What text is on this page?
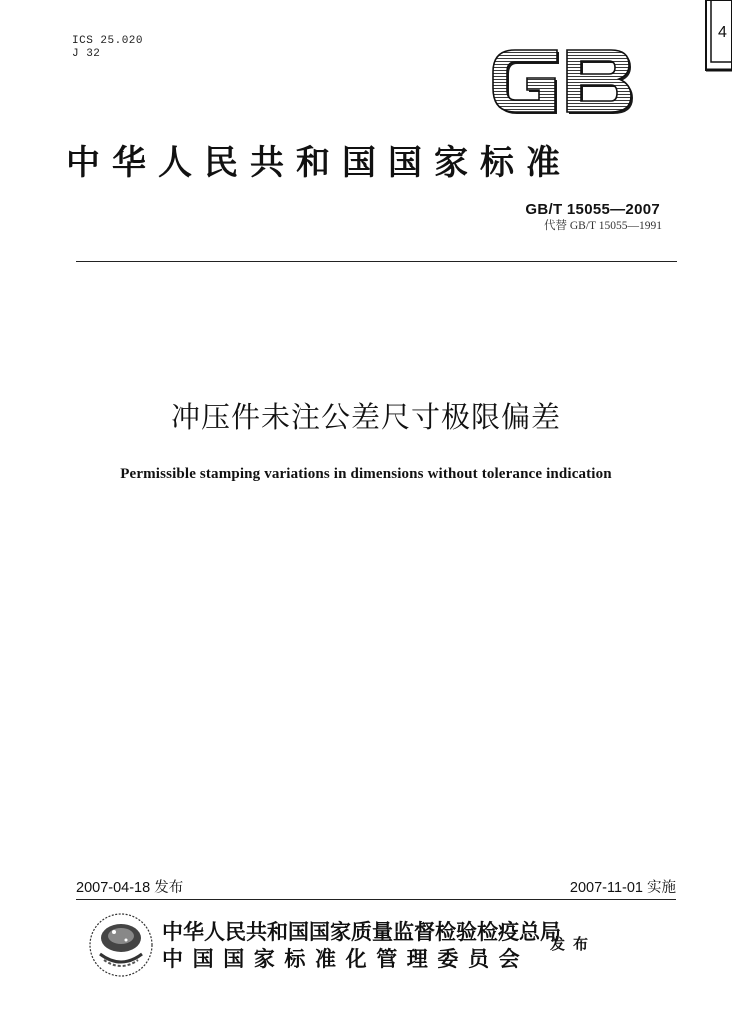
ICS 25.020
J 32
4
中华人民共和国国家标准
GB/T 15055—2007
代替 GB/T 15055—1991
冲压件未注公差尺寸极限偏差
Permissible stamping variations in dimensions without tolerance indication
2007-04-18 发布	2007-11-01 实施
中华人民共和国国家质量监督检验检疫总局
中国国家标准化管理委员会
发布
